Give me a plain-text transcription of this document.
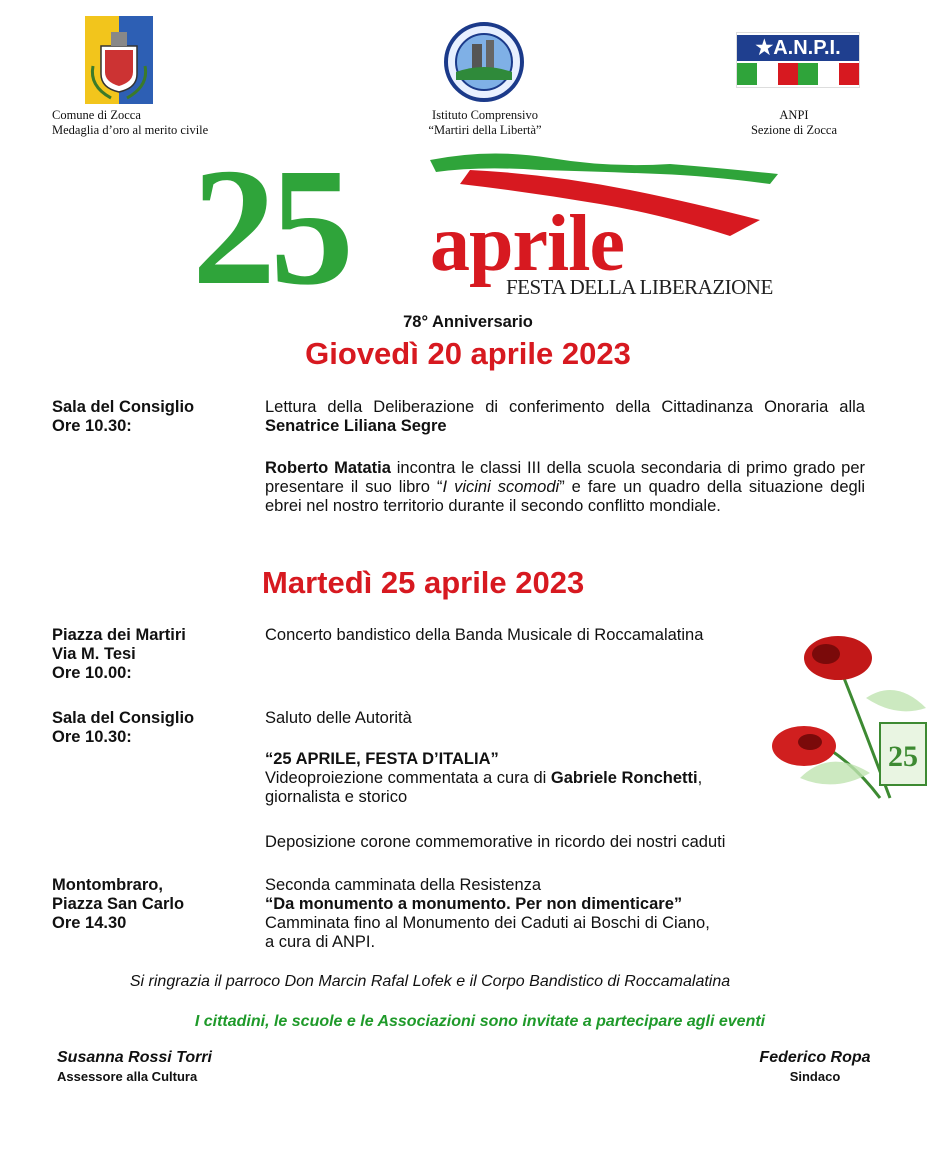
Comune di Zocca
Medaglia d’oro al merito civile
Istituto Comprensivo
“Martiri della Libertà”
★A.N.P.I.
ANPI
Sezione di Zocca
25 aprile
FESTA DELLA LIBERAZIONE
78° Anniversario
Giovedì 20 aprile 2023
Sala del Consiglio
Ore 10.30:
Lettura della Deliberazione di conferimento della Cittadinanza Onoraria alla Senatrice Liliana Segre
Roberto Matatia incontra le classi III della scuola secondaria di primo grado per presentare il suo libro “I vicini scomodi” e fare un quadro della situazione degli ebrei nel nostro territorio durante il secondo conflitto mondiale.
Martedì 25 aprile 2023
Piazza dei Martiri
Via M. Tesi
Ore 10.00:
Concerto bandistico della Banda Musicale di Roccamalatina
Sala del Consiglio
Ore 10.30:
Saluto delle Autorità
“25 APRILE, FESTA D’ITALIA”
Videoproiezione commentata a cura di Gabriele Ronchetti,
giornalista e storico
Deposizione corone commemorative in ricordo dei nostri caduti
Montombraro,
Piazza San Carlo
Ore 14.30
Seconda camminata della Resistenza
“Da monumento a monumento. Per non dimenticare”
Camminata fino al Monumento dei Caduti ai Boschi di Ciano,
a cura di ANPI.
25
Si ringrazia il parroco Don Marcin Rafal Lofek e il Corpo Bandistico di Roccamalatina
I cittadini, le scuole e le Associazioni sono invitate a partecipare agli eventi
Susanna Rossi Torri
Assessore alla Cultura
Federico Ropa
Sindaco
